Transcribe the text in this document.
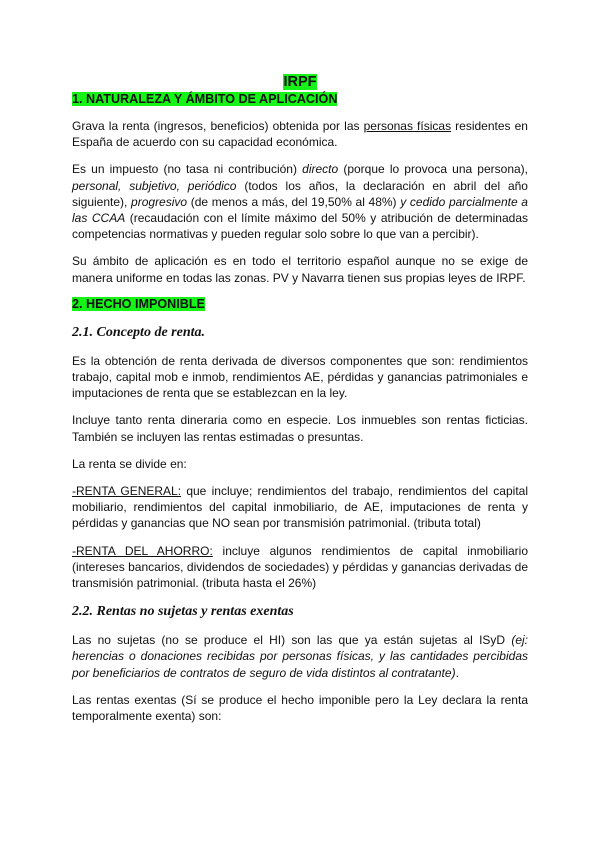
IRPF
1. NATURALEZA Y ÁMBITO DE APLICACIÓN

Grava la renta (ingresos, beneficios) obtenida por las personas físicas residentes en España de acuerdo con su capacidad económica.

Es un impuesto (no tasa ni contribución) directo (porque lo provoca una persona), personal, subjetivo, periódico (todos los años, la declaración en abril del año siguiente), progresivo (de menos a más, del 19,50% al 48%) y cedido parcialmente a las CCAA (recaudación con el límite máximo del 50% y atribución de determinadas competencias normativas y pueden regular solo sobre lo que van a percibir).

Su ámbito de aplicación es en todo el territorio español aunque no se exige de manera uniforme en todas las zonas. PV y Navarra tienen sus propias leyes de IRPF.

2. HECHO IMPONIBLE
2.1. Concepto de renta.

Es la obtención de renta derivada de diversos componentes que son: rendimientos trabajo, capital mob e inmob, rendimientos AE, pérdidas y ganancias patrimoniales e imputaciones de renta que se establezcan en la ley.

Incluye tanto renta dineraria como en especie. Los inmuebles son rentas ficticias. También se incluyen las rentas estimadas o presuntas.

La renta se divide en:

-RENTA GENERAL: que incluye; rendimientos del trabajo, rendimientos del capital mobiliario, rendimientos del capital inmobiliario, de AE, imputaciones de renta y pérdidas y ganancias que NO sean por transmisión patrimonial. (tributa total)

-RENTA DEL AHORRO: incluye algunos rendimientos de capital inmobiliario (intereses bancarios, dividendos de sociedades) y pérdidas y ganancias derivadas de transmisión patrimonial. (tributa hasta el 26%)

2.2. Rentas no sujetas y rentas exentas

Las no sujetas (no se produce el HI) son las que ya están sujetas al ISyD (ej: herencias o donaciones recibidas por personas físicas, y las cantidades percibidas por beneficiarios de contratos de seguro de vida distintos al contratante).

Las rentas exentas (Sí se produce el hecho imponible pero la Ley declara la renta temporalmente exenta) son:
